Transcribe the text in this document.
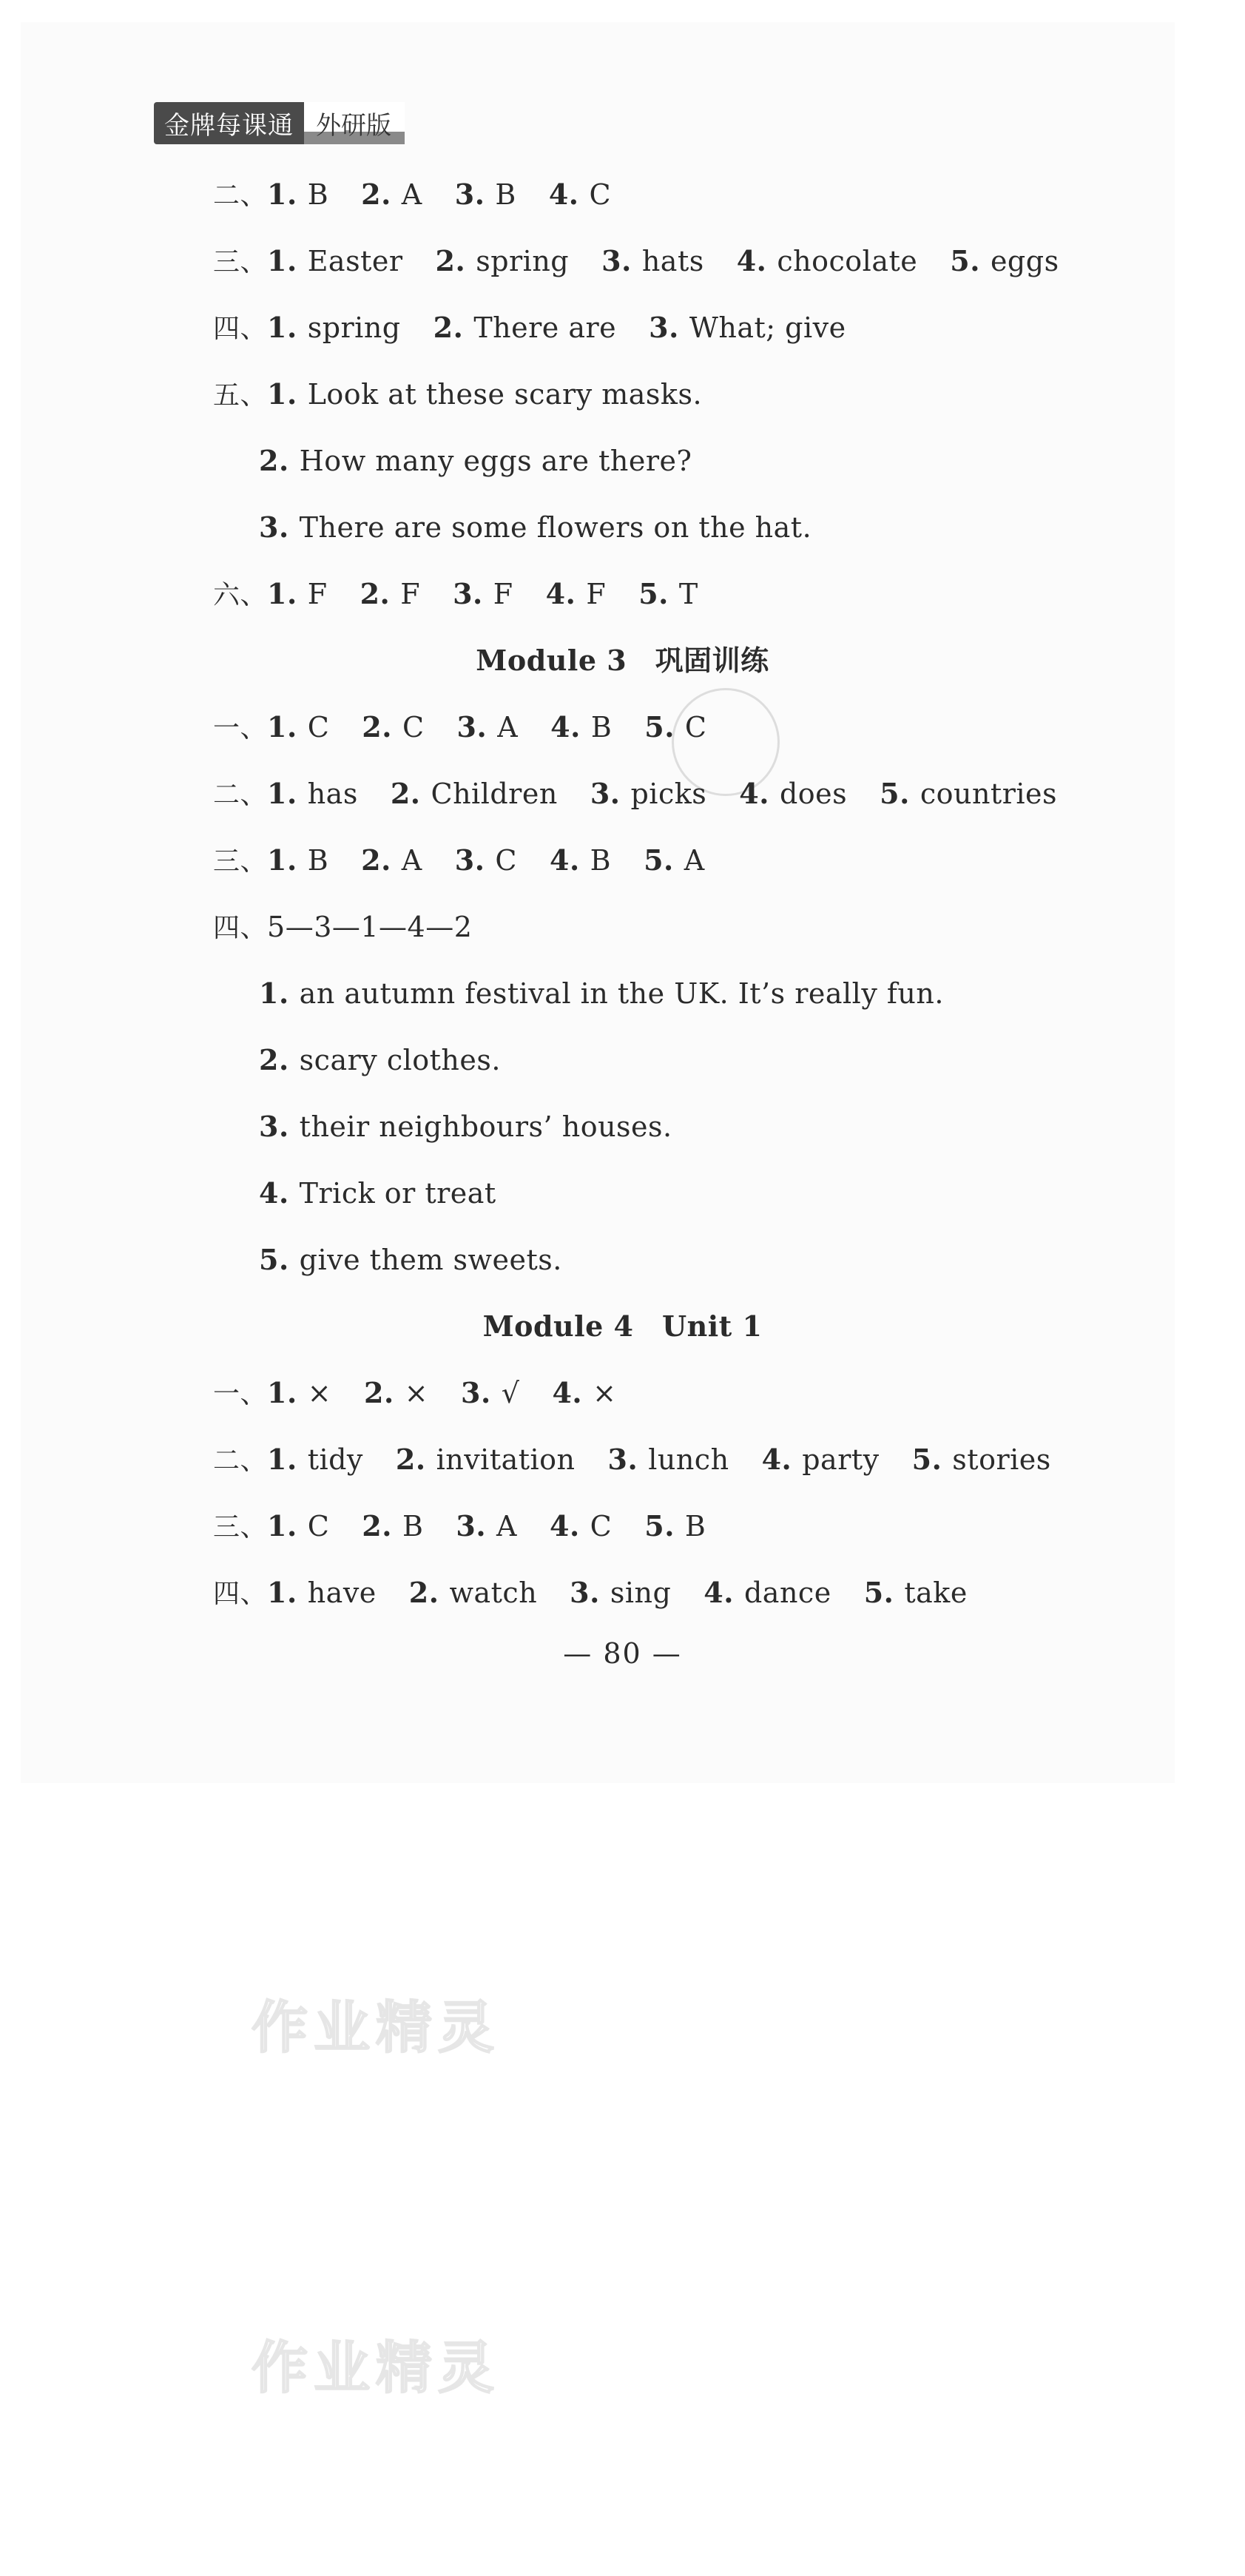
金牌每课通 外研版
二、1. B 2. A 3. B 4. C
三、1. Easter 2. spring 3. hats 4. chocolate 5. eggs
四、1. spring 2. There are 3. What; give
五、1. Look at these scary masks.
2. How many eggs are there?
3. There are some flowers on the hat.
六、1. F 2. F 3. F 4. F 5. T
Module 3　巩固训练
一、1. C 2. C 3. A 4. B 5. C
二、1. has 2. Children 3. picks 4. does 5. countries
三、1. B 2. A 3. C 4. B 5. A
四、5—3—1—4—2
1. an autumn festival in the UK. It’s really fun.
2. scary clothes.
3. their neighbours’ houses.
4. Trick or treat
5. give them sweets.
Module 4　Unit 1
一、1. × 2. × 3. √ 4. ×
二、1. tidy 2. invitation 3. lunch 4. party 5. stories
三、1. C 2. B 3. A 4. C 5. B
四、1. have 2. watch 3. sing 4. dance 5. take
— 80 —
作业精灵
作业精灵
